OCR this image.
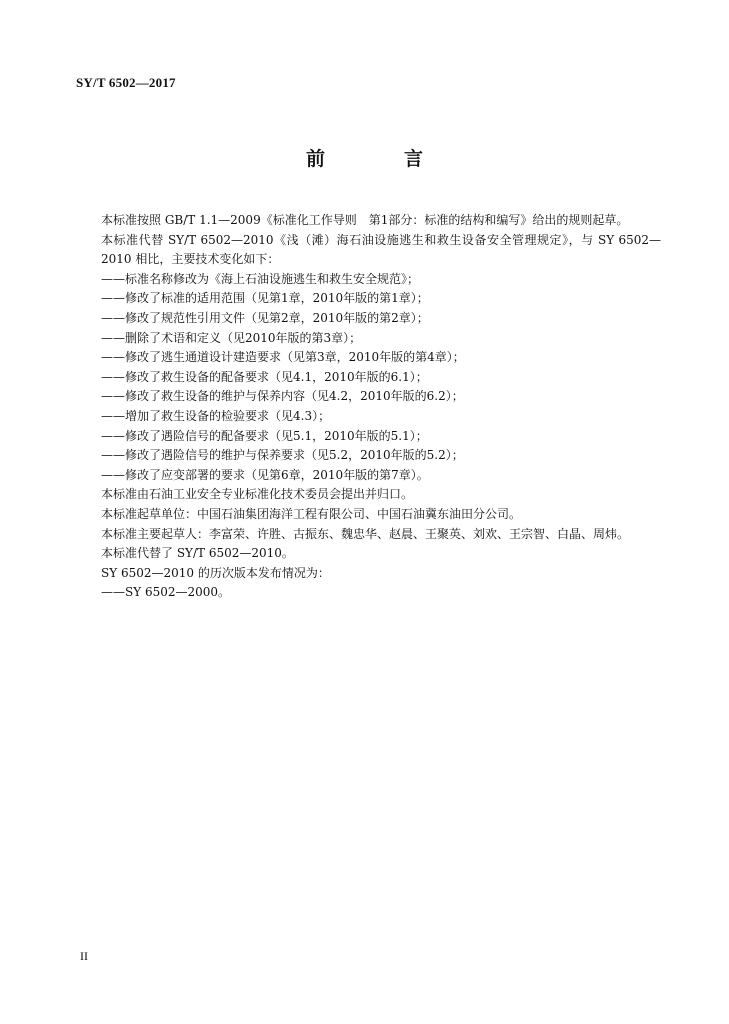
SY/T 6502—2017
前　言

本标准按照 GB/T 1.1—2009《标准化工作导则　第1部分：标准的结构和编写》给出的规则起草。

本标准代替 SY/T 6502—2010《浅（滩）海石油设施逃生和救生设备安全管理规定》，与 SY 6502—2010 相比，主要技术变化如下：

——标准名称修改为《海上石油设施逃生和救生安全规范》；

——修改了标准的适用范围（见第1章，2010年版的第1章）；

——修改了规范性引用文件（见第2章，2010年版的第2章）；

——删除了术语和定义（见2010年版的第3章）；

——修改了逃生通道设计建造要求（见第3章，2010年版的第4章）；

——修改了救生设备的配备要求（见4.1，2010年版的6.1）；

——修改了救生设备的维护与保养内容（见4.2，2010年版的6.2）；

——增加了救生设备的检验要求（见4.3）；

——修改了遇险信号的配备要求（见5.1，2010年版的5.1）；

——修改了遇险信号的维护与保养要求（见5.2，2010年版的5.2）；

——修改了应变部署的要求（见第6章，2010年版的第7章）。

本标准由石油工业安全专业标准化技术委员会提出并归口。

本标准起草单位：中国石油集团海洋工程有限公司、中国石油冀东油田分公司。

本标准主要起草人：李富荣、许胜、古振东、魏忠华、赵晨、王聚英、刘欢、王宗智、白晶、周炜。

本标准代替了 SY/T 6502—2010。

SY 6502—2010 的历次版本发布情况为：

——SY 6502—2000。

II
